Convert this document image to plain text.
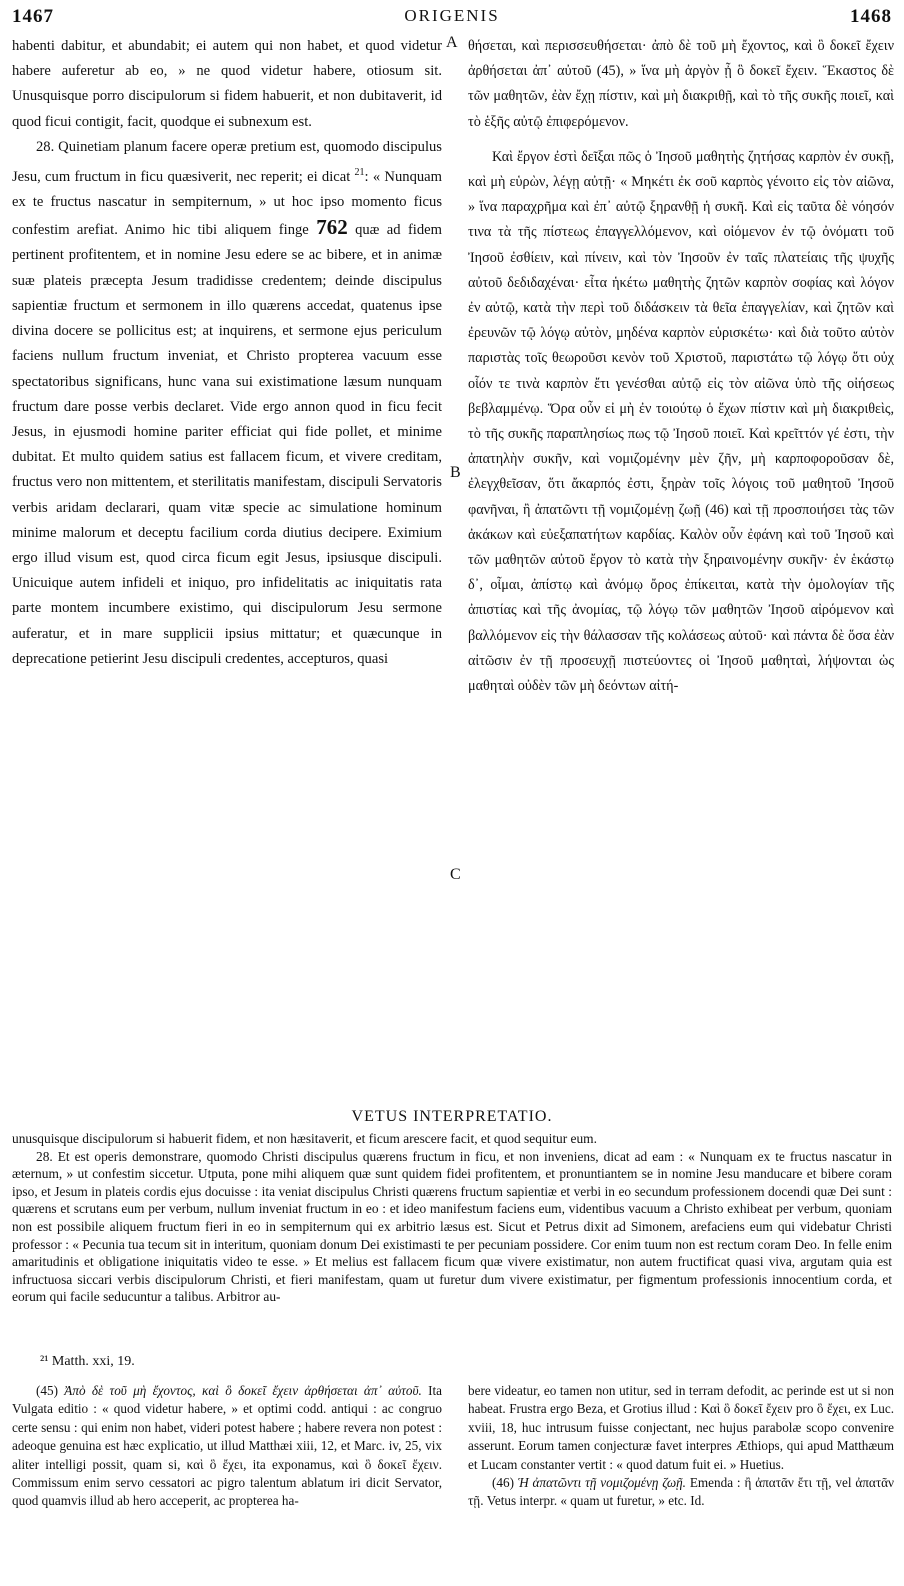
1467	ORIGENIS	1468

habenti dabitur, et abundabit; ei autem qui non habet, et quod videtur habere auferetur ab eo, » ne quod videtur habere, otiosum sit. Unusquisque porro discipulorum si fidem habuerit, et non dubitaverit, id quod ficui contigit, facit, quodque ei subnexum est.

28. Quinetiam planum facere operæ pretium est, quomodo discipulus Jesu, cum fructum in ficu quæsiverit, nec reperit; ei dicat $^{21}$: « Nunquam ex te fructus nascatur in sempiternum, » ut hoc ipso momento ficus confestim arefiat. Animo hic tibi aliquem finge 762 quæ ad fidem pertinent profitentem, et in nomine Jesu edere se ac bibere, et in animæ suæ plateis præcepta Jesum tradidisse credentem; deinde discipulus sapientiæ fructum et sermonem in illo quærens accedat, quatenus ipse divina docere se pollicitus est; at inquirens, et sermone ejus periculum faciens nullum fructum inveniat, et Christo propterea vacuum esse spectatoribus significans, hunc vana sui existimatione læsum nunquam fructum dare posse verbis declaret. Vide ergo annon quod in ficu fecit Jesus, in ejusmodi homine pariter efficiat qui fide pollet, et minime dubitat. Et multo quidem satius est fallacem ficum, et vivere creditam, fructus vero non mittentem, et sterilitatis manifestam, discipuli Servatoris verbis aridam declarari, quam vitæ specie ac simulatione hominum minime malorum et deceptu facilium corda diutius decipere. Eximium ergo illud visum est, quod circa ficum egit Jesus, ipsiusque discipuli. Unicuique autem infideli et iniquo, pro infidelitatis ac iniquitatis rata parte montem incumbere existimo, qui discipulorum Jesu sermone auferatur, et in mare supplicii ipsius mittatur; et quæcunque in deprecatione petierint Jesu discipuli credentes, accepturos, quasi

A
B
C

θήσεται, καὶ περισσευθήσεται· ἀπὸ δὲ τοῦ μὴ ἔχοντος, καὶ ὃ δοκεῖ ἔχειν ἀρθήσεται ἀπ᾽ αὐτοῦ (45), » ἵνα μὴ ἀργὸν ᾖ ὃ δοκεῖ ἔχειν. Ἕκαστος δὲ τῶν μαθητῶν, ἐὰν ἔχῃ πίστιν, καὶ μὴ διακριθῇ, καὶ τὸ τῆς συκῆς ποιεῖ, καὶ τὸ ἑξῆς αὐτῷ ἐπιφερόμενον.

Καὶ ἔργον ἐστὶ δεῖξαι πῶς ὁ Ἰησοῦ μαθητὴς ζητήσας καρπὸν ἐν συκῇ, καὶ μὴ εὑρὼν, λέγῃ αὐτῇ· « Μηκέτι ἐκ σοῦ καρπὸς γένοιτο εἰς τὸν αἰῶνα, » ἵνα παραχρῆμα καὶ ἐπ᾽ αὐτῷ ξηρανθῇ ἡ συκῆ. Καὶ εἰς ταῦτα δὲ νόησόν τινα τὰ τῆς πίστεως ἐπαγγελλόμενον, καὶ οἰόμενον ἐν τῷ ὀνόματι τοῦ Ἰησοῦ ἐσθίειν, καὶ πίνειν, καὶ τὸν Ἰησοῦν ἐν ταῖς πλατείαις τῆς ψυχῆς αὐτοῦ δεδιδαχέναι· εἶτα ἡκέτω μαθητὴς ζητῶν καρπὸν σοφίας καὶ λόγον ἐν αὐτῷ, κατὰ τὴν περὶ τοῦ διδάσκειν τὰ θεῖα ἐπαγγελίαν, καὶ ζητῶν καὶ ἐρευνῶν τῷ λόγῳ αὐτὸν, μηδένα καρπὸν εὑρισκέτω· καὶ διὰ τοῦτο αὐτὸν παριστὰς τοῖς θεωροῦσι κενὸν τοῦ Χριστοῦ, παριστάτω τῷ λόγῳ ὅτι οὐχ οἷόν τε τινὰ καρπὸν ἔτι γενέσθαι αὐτῷ εἰς τὸν αἰῶνα ὑπὸ τῆς οἰήσεως βεβλαμμένῳ. Ὅρα οὖν εἰ μὴ ἐν τοιούτῳ ὁ ἔχων πίστιν καὶ μὴ διακριθεὶς, τὸ τῆς συκῆς παραπλησίως πως τῷ Ἰησοῦ ποιεῖ. Καὶ κρεῖττόν γέ ἐστι, τὴν ἀπατηλὴν συκῆν, καὶ νομιζομένην μὲν ζῆν, μὴ καρποφοροῦσαν δὲ, ἐλεγχθεῖσαν, ὅτι ἄκαρπός ἐστι, ξηρὰν τοῖς λόγοις τοῦ μαθητοῦ Ἰησοῦ φανῆναι, ἢ ἀπατῶντι τῇ νομιζομένῃ ζωῇ (46) καὶ τῇ προσποιήσει τὰς τῶν ἀκάκων καὶ εὐεξαπατήτων καρδίας. Καλὸν οὖν ἐφάνη καὶ τοῦ Ἰησοῦ καὶ τῶν μαθητῶν αὐτοῦ ἔργον τὸ κατὰ τὴν ξηραινομένην συκῆν· ἐν ἑκάστῳ δ᾽, οἶμαι, ἀπίστῳ καὶ ἀνόμῳ ὄρος ἐπίκειται, κατὰ τὴν ὁμολογίαν τῆς ἀπιστίας καὶ τῆς ἀνομίας, τῷ λόγῳ τῶν μαθητῶν Ἰησοῦ αἰρόμενον καὶ βαλλόμενον εἰς τὴν θάλασσαν τῆς κολάσεως αὐτοῦ· καὶ πάντα δὲ ὅσα ἐὰν αἰτῶσιν ἐν τῇ προσευχῇ πιστεύοντες οἱ Ἰησοῦ μαθηταὶ, λήψονται ὡς μαθηταὶ οὐδὲν τῶν μὴ δεόντων αἰτή-

VETUS INTERPRETATIO.

unusquisque discipulorum si habuerit fidem, et non hæsitaverit, et ficum arescere facit, et quod sequitur eum.

28. Et est operis demonstrare, quomodo Christi discipulus quærens fructum in ficu, et non inveniens, dicat ad eam : « Nunquam ex te fructus nascatur in æternum, » ut confestim siccetur. Utputa, pone mihi aliquem quæ sunt quidem fidei profitentem, et pronuntiantem se in nomine Jesu manducare et bibere coram ipso, et Jesum in plateis cordis ejus docuisse : ita veniat discipulus Christi quærens fructum sapientiæ et verbi in eo secundum professionem docendi quæ Dei sunt : quærens et scrutans eum per verbum, nullum inveniat fructum in eo : et ideo manifestum faciens eum, videntibus vacuum a Christo exhibeat per verbum, quoniam non est possibile aliquem fructum fieri in eo in sempiternum qui ex arbitrio læsus est. Sicut et Petrus dixit ad Simonem, arefaciens eum qui videbatur Christi professor : « Pecunia tua tecum sit in interitum, quoniam donum Dei existimasti te per pecuniam possidere. Cor enim tuum non est rectum coram Deo. In felle enim amaritudinis et obligatione iniquitatis video te esse. » Et melius est fallacem ficum quæ vivere existimatur, non autem fructificat quasi viva, argutam quia est infructuosa siccari verbis discipulorum Christi, et fieri manifestam, quam ut furetur dum vivere existimatur, per figmentum professionis innocentium corda, et eorum qui facile seducuntur a talibus. Arbitror au-

²¹ Matth. xxi, 19.

(45) Ἀπὸ δὲ τοῦ μὴ ἔχοντος, καὶ ὃ δοκεῖ ἔχειν ἀρθήσεται ἀπ᾽ αὐτοῦ. Ita Vulgata editio : « quod videtur habere, » et optimi codd. antiqui : ac congruo certe sensu : qui enim non habet, videri potest habere ; habere revera non potest : adeoque genuina est hæc explicatio, ut illud Matthæi xiii, 12, et Marc. iv, 25, vix aliter intelligi possit, quam si, καὶ ὃ ἔχει, ita exponamus, καὶ ὃ δοκεῖ ἔχειν. Commissum enim servo cessatori ac pigro talentum ablatum iri dicit Servator, quod quamvis illud ab hero acceperit, ac propterea ha-

bere videatur, eo tamen non utitur, sed in terram defodit, ac perinde est ut si non habeat. Frustra ergo Beza, et Grotius illud : Καὶ ὃ δοκεῖ ἔχειν pro ὃ ἔχει, ex Luc. xviii, 18, huc intrusum fuisse conjectant, nec hujus parabolæ scopo convenire asserunt. Eorum tamen conjecturæ favet interpres Æthiops, qui apud Matthæum et Lucam constanter vertit : « quod datum fuit ei. » Huetius.

(46) Ἡ ἀπατῶντι τῇ νομιζομένῃ ζωῇ. Emenda : ἢ ἀπατᾶν ἔτι τῇ, vel ἀπατᾶν τῇ. Vetus interpr. « quam ut furetur, » etc. Id.
